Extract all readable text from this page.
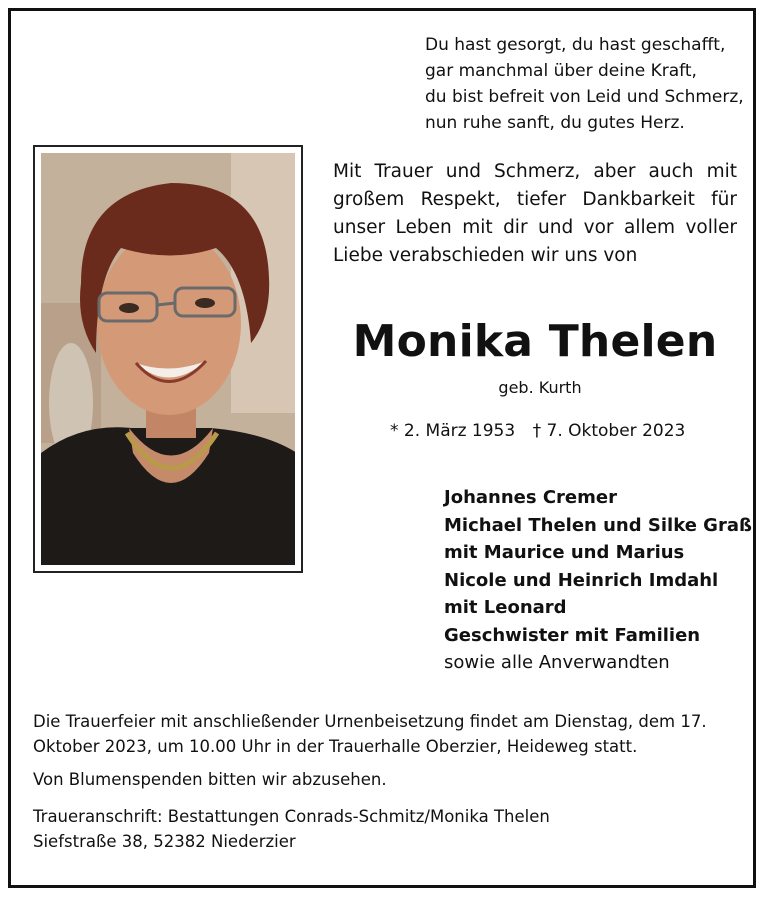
Du hast gesorgt, du hast geschafft,
gar manchmal über deine Kraft,
du bist befreit von Leid und Schmerz,
nun ruhe sanft, du gutes Herz.
Mit Trauer und Schmerz, aber auch mit großem Respekt, tiefer Dankbarkeit für unser Leben mit dir und vor allem voller Liebe verabschieden wir uns von
Monika Thelen
geb. Kurth
* 2. März 1953 † 7. Oktober 2023
Johannes Cremer
Michael Thelen und Silke Graß
mit Maurice und Marius
Nicole und Heinrich Imdahl
mit Leonard
Geschwister mit Familien
sowie alle Anverwandten

Die Trauerfeier mit anschließender Urnenbeisetzung findet am Dienstag, dem 17. Oktober 2023, um 10.00 Uhr in der Trauerhalle Oberzier, Heideweg statt.

Von Blumenspenden bitten wir abzusehen.

Traueranschrift: Bestattungen Conrads-Schmitz/Monika Thelen
Siefstraße 38, 52382 Niederzier
